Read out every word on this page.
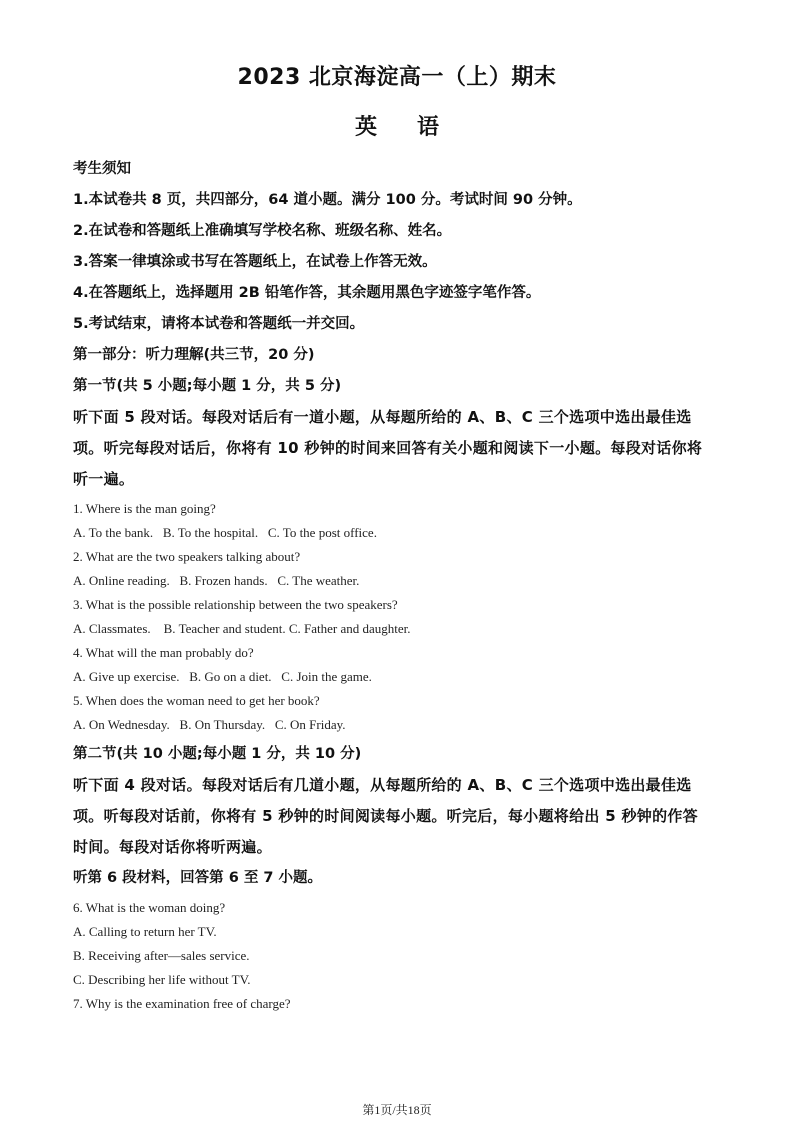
2023 北京海淀高一（上）期末
英语
考生须知
1.本试卷共 8 页，共四部分，64 道小题。满分 100 分。考试时间 90 分钟。
2.在试卷和答题纸上准确填写学校名称、班级名称、姓名。
3.答案一律填涂或书写在答题纸上，在试卷上作答无效。
4.在答题纸上，选择题用 2B 铅笔作答，其余题用黑色字迹签字笔作答。
5.考试结束，请将本试卷和答题纸一并交回。
第一部分：听力理解(共三节，20 分)
第一节(共 5 小题;每小题 1 分，共 5 分)
听下面 5 段对话。每段对话后有一道小题，从每题所给的 A、B、C 三个选项中选出最佳选
项。听完每段对话后，你将有 10 秒钟的时间来回答有关小题和阅读下一小题。每段对话你将
听一遍。
1. Where is the man going?
A. To the bank.   B. To the hospital.   C. To the post office.
2. What are the two speakers talking about?
A. Online reading.   B. Frozen hands.   C. The weather.
3. What is the possible relationship between the two speakers?
A. Classmates.    B. Teacher and student. C. Father and daughter.
4. What will the man probably do?
A. Give up exercise.   B. Go on a diet.   C. Join the game.
5. When does the woman need to get her book?
A. On Wednesday.   B. On Thursday.   C. On Friday.
第二节(共 10 小题;每小题 1 分，共 10 分)
听下面 4 段对话。每段对话后有几道小题，从每题所给的 A、B、C 三个选项中选出最佳选
项。听每段对话前，你将有 5 秒钟的时间阅读每小题。听完后，每小题将给出 5 秒钟的作答
时间。每段对话你将听两遍。
听第 6 段材料，回答第 6 至 7 小题。
6. What is the woman doing?
A. Calling to return her TV.
B. Receiving after—sales service.
C. Describing her life without TV.
7. Why is the examination free of charge?
第1页/共18页
